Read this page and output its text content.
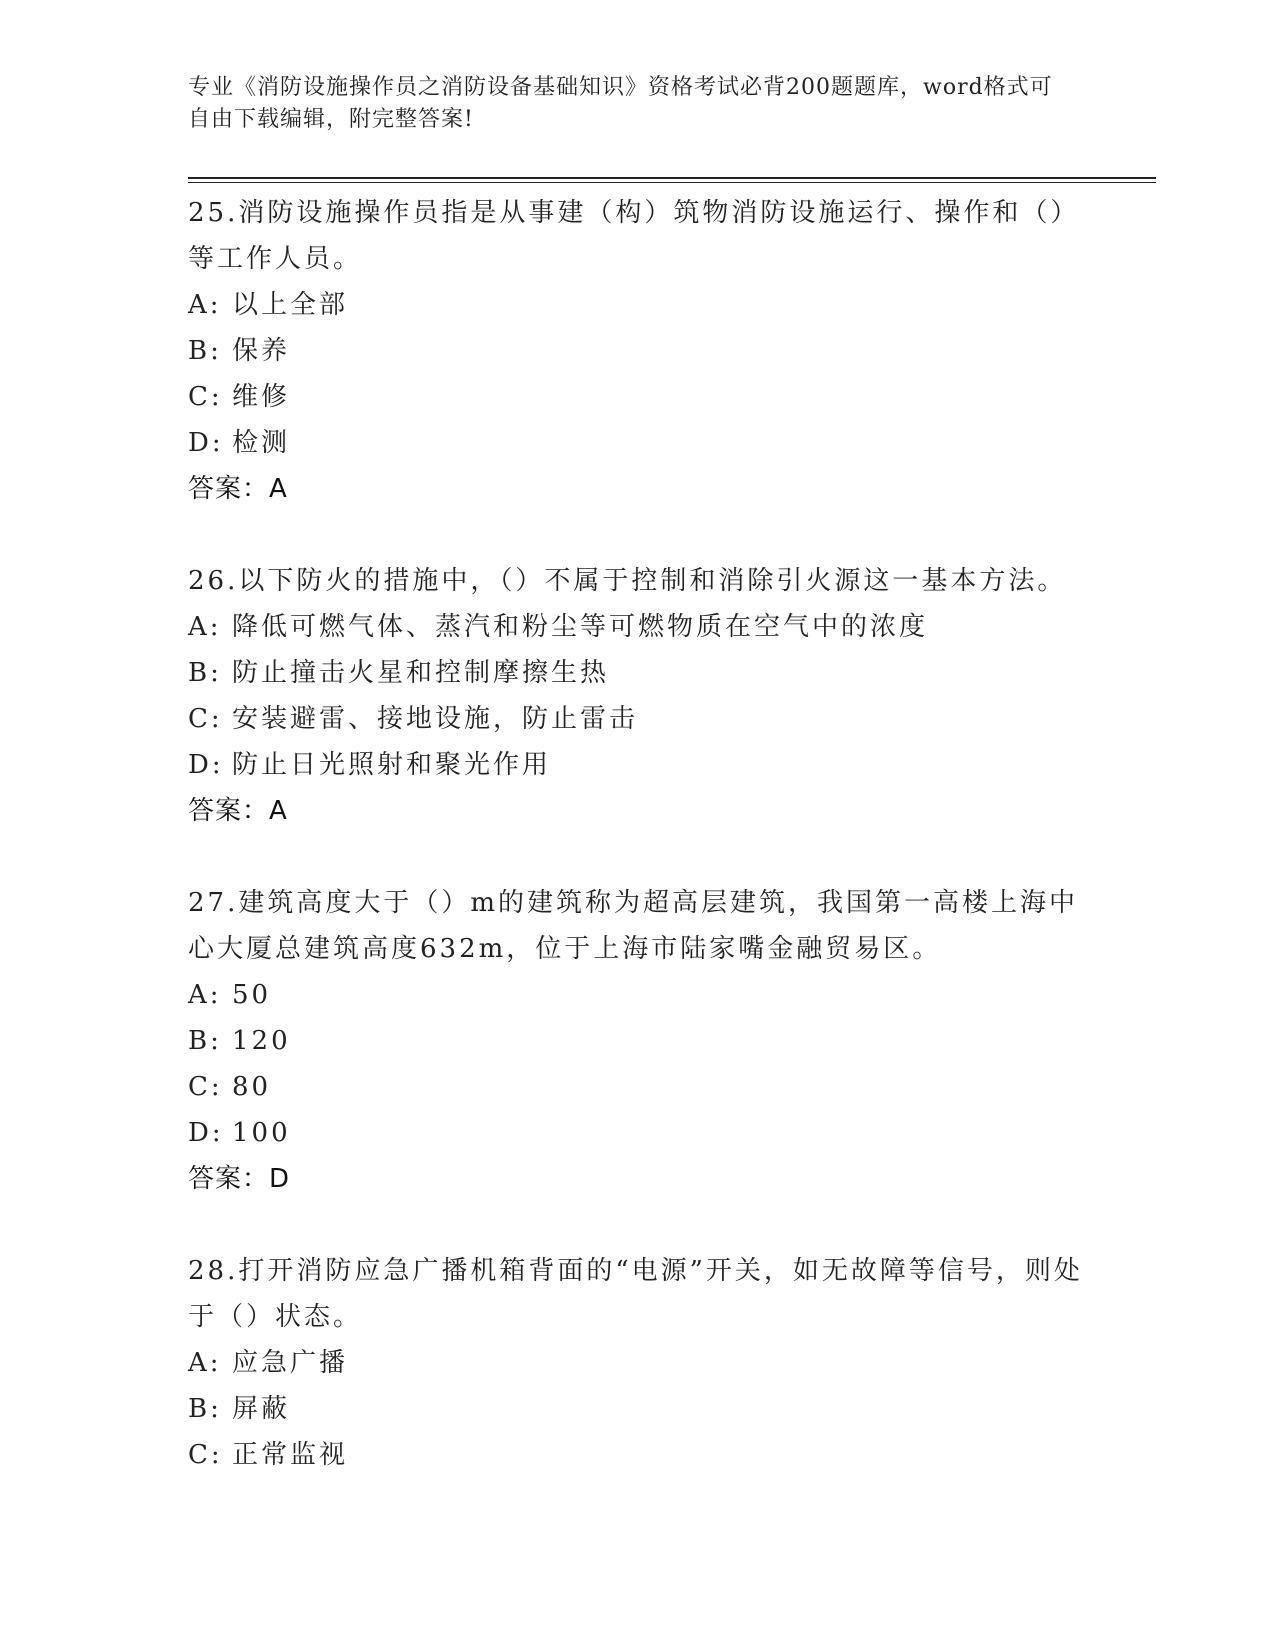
专业《消防设施操作员之消防设备基础知识》资格考试必背200题题库，word格式可自由下载编辑，附完整答案!

25.消防设施操作员指是从事建（构）筑物消防设施运行、操作和（）等工作人员。

A: 以上全部

B: 保养

C: 维修

D: 检测

答案：A

26.以下防火的措施中，（）不属于控制和消除引火源这一基本方法。

A: 降低可燃气体、蒸汽和粉尘等可燃物质在空气中的浓度

B: 防止撞击火星和控制摩擦生热

C: 安装避雷、接地设施，防止雷击

D: 防止日光照射和聚光作用

答案：A

27.建筑高度大于（）m的建筑称为超高层建筑，我国第一高楼上海中心大厦总建筑高度632m，位于上海市陆家嘴金融贸易区。

A: 50

B: 120

C: 80

D: 100

答案：D

28.打开消防应急广播机箱背面的“电源”开关，如无故障等信号，则处于（）状态。

A: 应急广播

B: 屏蔽

C: 正常监视
